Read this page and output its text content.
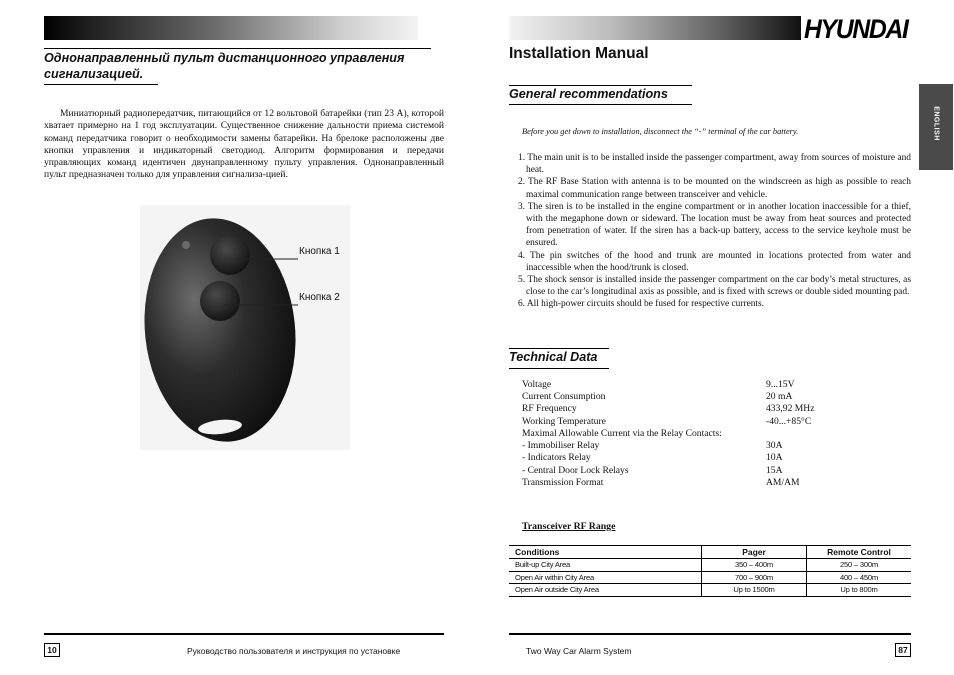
Однонаправленный пульт дистанционного управления сигнализацией.
Миниатюрный радиопередатчик, питающийся от 12 вольтовой батарейки (тип 23 А), которой хватает примерно на 1 год эксплуатации. Существенное снижение дальности приема системой команд передатчика говорит о необходимости замены батарейки. На брелоке расположены две кнопки управления и индикаторный светодиод. Алгоритм формирования и передачи управляющих команд идентичен двунаправленному пульту управления. Однонаправленный пульт предназначен только для управления сигнализа-цией.
HYUNDAI
Кнопка 1
Кнопка 2
10	Руководство пользователя и инструкция по установке
HYUNDAI
ENGLISH
Installation Manual
General recommendations
Before you get down to installation, disconnect the “-” terminal of the car battery.
1. The main unit is to be installed inside the passenger compartment, away from sources of moisture and heat.
2. The RF Base Station with antenna is to be mounted on the windscreen as high as possible to reach maximal communication range between transceiver and vehicle.
3. The siren is to be installed in the engine compartment or in another location inaccessible for a thief, with the megaphone down or sideward. The location must be away from heat sources and protected from penetration of water. If the siren has a back-up battery, access to the service keyhole must be ensured.
4. The pin switches of the hood and trunk are mounted in locations protected from water and inaccessible when the hood/trunk is closed.
5. The shock sensor is installed inside the passenger compartment on the car body’s metal structures, as close to the car’s longitudinal axis as possible, and is fixed with screws or double sided mounting pad.
6. All high-power circuits should be fused for respective currents.
Technical Data
Voltage	9...15V
Current Consumption	20 mA
RF Frequency	433,92 MHz
Working Temperature	-40...+85°C
Maximal Allowable Current via the Relay Contacts:
- Immobiliser Relay	30A
- Indicators Relay	10A
- Central Door Lock Relays	15A
Transmission Format	AM/AM
Transceiver RF Range
Conditions	Pager	Remote Control
Built-up City Area	350 – 400m	250 – 300m
Open Air within City Area	700 – 900m	400 – 450m
Open Air outside City Area	Up to 1500m	Up to 800m
Two Way Car Alarm System	87
